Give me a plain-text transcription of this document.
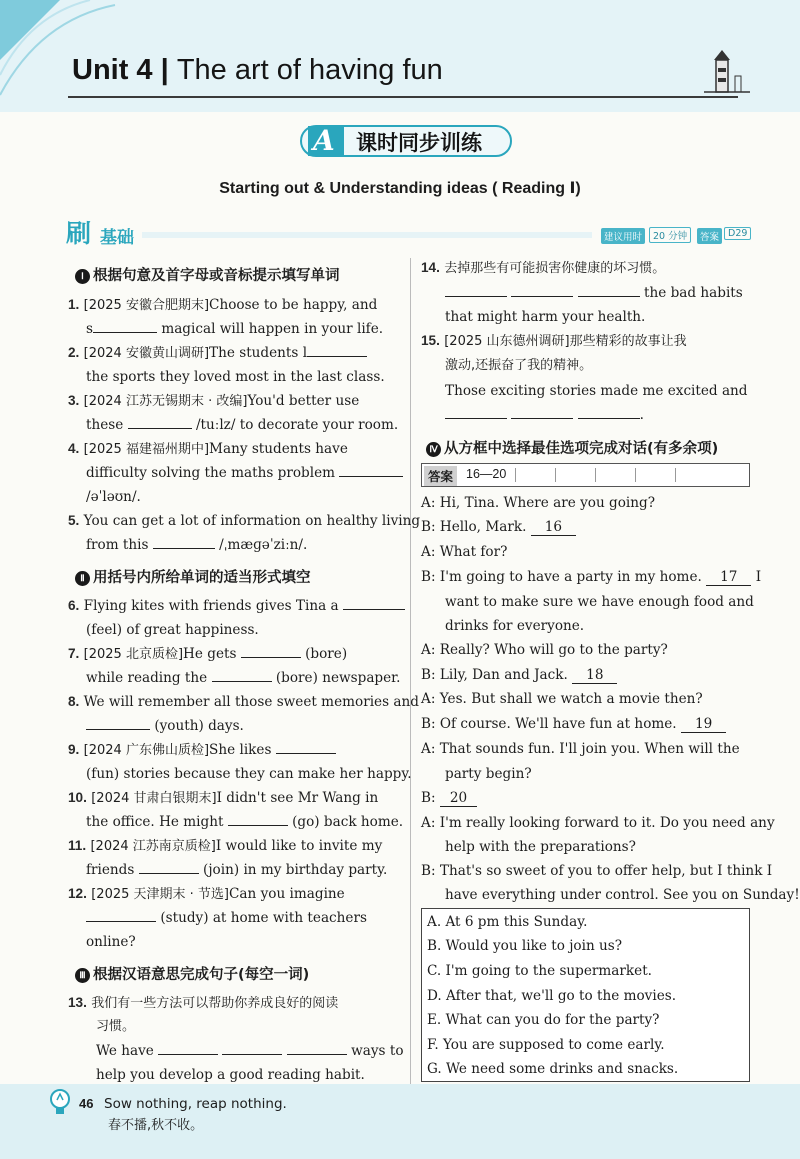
Unit 4 | The art of having fun
A 课时同步训练
Starting out & Understanding ideas ( Reading Ⅰ)
刷 基础	建议用时	20 分钟	答案 D29
Ⅰ 根据句意及首字母或音标提示填写单词
1. [2025 安徽合肥期末]Choose to be happy, and
s	magical will happen in your life.
2. [2024 安徽黄山调研]The students l
the sports they loved most in the last class.
3. [2024 江苏无锡期末 · 改编]You'd better use
these	/tuːlz/ to decorate your room.
4. [2025 福建福州期中]Many students have
difficulty solving the maths problem
/əˈləʊn/.
5. You can get a lot of information on healthy living
from this	/ˌmæɡəˈziːn/.
Ⅱ 用括号内所给单词的适当形式填空
6. Flying kites with friends gives Tina a
(feel) of great happiness.
7. [2025 北京质检]He gets	(bore)
while reading the	(bore) newspaper.
8. We will remember all those sweet memories and
(youth) days.
9. [2024 广东佛山质检]She likes
(fun) stories because they can make her happy.
10. [2024 甘肃白银期末]I didn't see Mr Wang in
the office. He might	(go) back home.
11. [2024 江苏南京质检]I would like to invite my
friends	(join) in my birthday party.
12. [2025 天津期末 · 节选]Can you imagine
(study) at home with teachers
online?
Ⅲ 根据汉语意思完成句子(每空一词)
13. 我们有一些方法可以帮助你养成良好的阅读
习惯。
We have	ways to
help you develop a good reading habit.
14. 去掉那些有可能损害你健康的坏习惯。
the bad habits
that might harm your health.
15. [2025 山东德州调研]那些精彩的故事让我
激动,还振奋了我的精神。
Those exciting stories made me excited and
.
Ⅳ 从方框中选择最佳选项完成对话(有多余项)
答案	16—20
A: Hi, Tina. Where are you going?
B: Hello, Mark. 16
A: What for?
B: I'm going to have a party in my home. 17 I
want to make sure we have enough food and
drinks for everyone.
A: Really? Who will go to the party?
B: Lily, Dan and Jack. 18
A: Yes. But shall we watch a movie then?
B: Of course. We'll have fun at home. 19
A: That sounds fun. I'll join you. When will the
party begin?
B: 20
A: I'm really looking forward to it. Do you need any
help with the preparations?
B: That's so sweet of you to offer help, but I think I
have everything under control. See you on Sunday!
A. At 6 pm this Sunday.
B. Would you like to join us?
C. I'm going to the supermarket.
D. After that, we'll go to the movies.
E. What can you do for the party?
F. You are supposed to come early.
G. We need some drinks and snacks.
46 Sow nothing, reap nothing.
春不播,秋不收。
